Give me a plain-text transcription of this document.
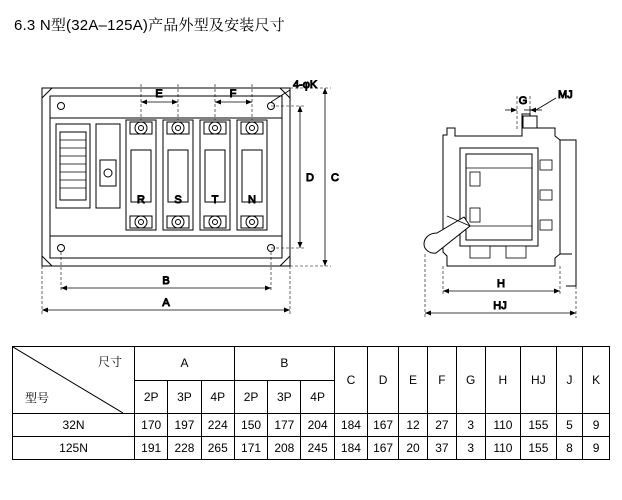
6.3 N型(32A–125A)产品外型及安装尺寸
R	S	T	N
4-φK
E	F
D C
B
A
MJ
G
H
HJ
尺寸
型号	A			B			C	D	E	F	G	H	HJ	J	K
	2P	3P	4P	2P	3P	4P									
32N	170	197	224	150	177	204	184	167	12	27	3	110	155	5	9
125N	191	228	265	171	208	245	184	167	20	37	3	110	155	8	9
